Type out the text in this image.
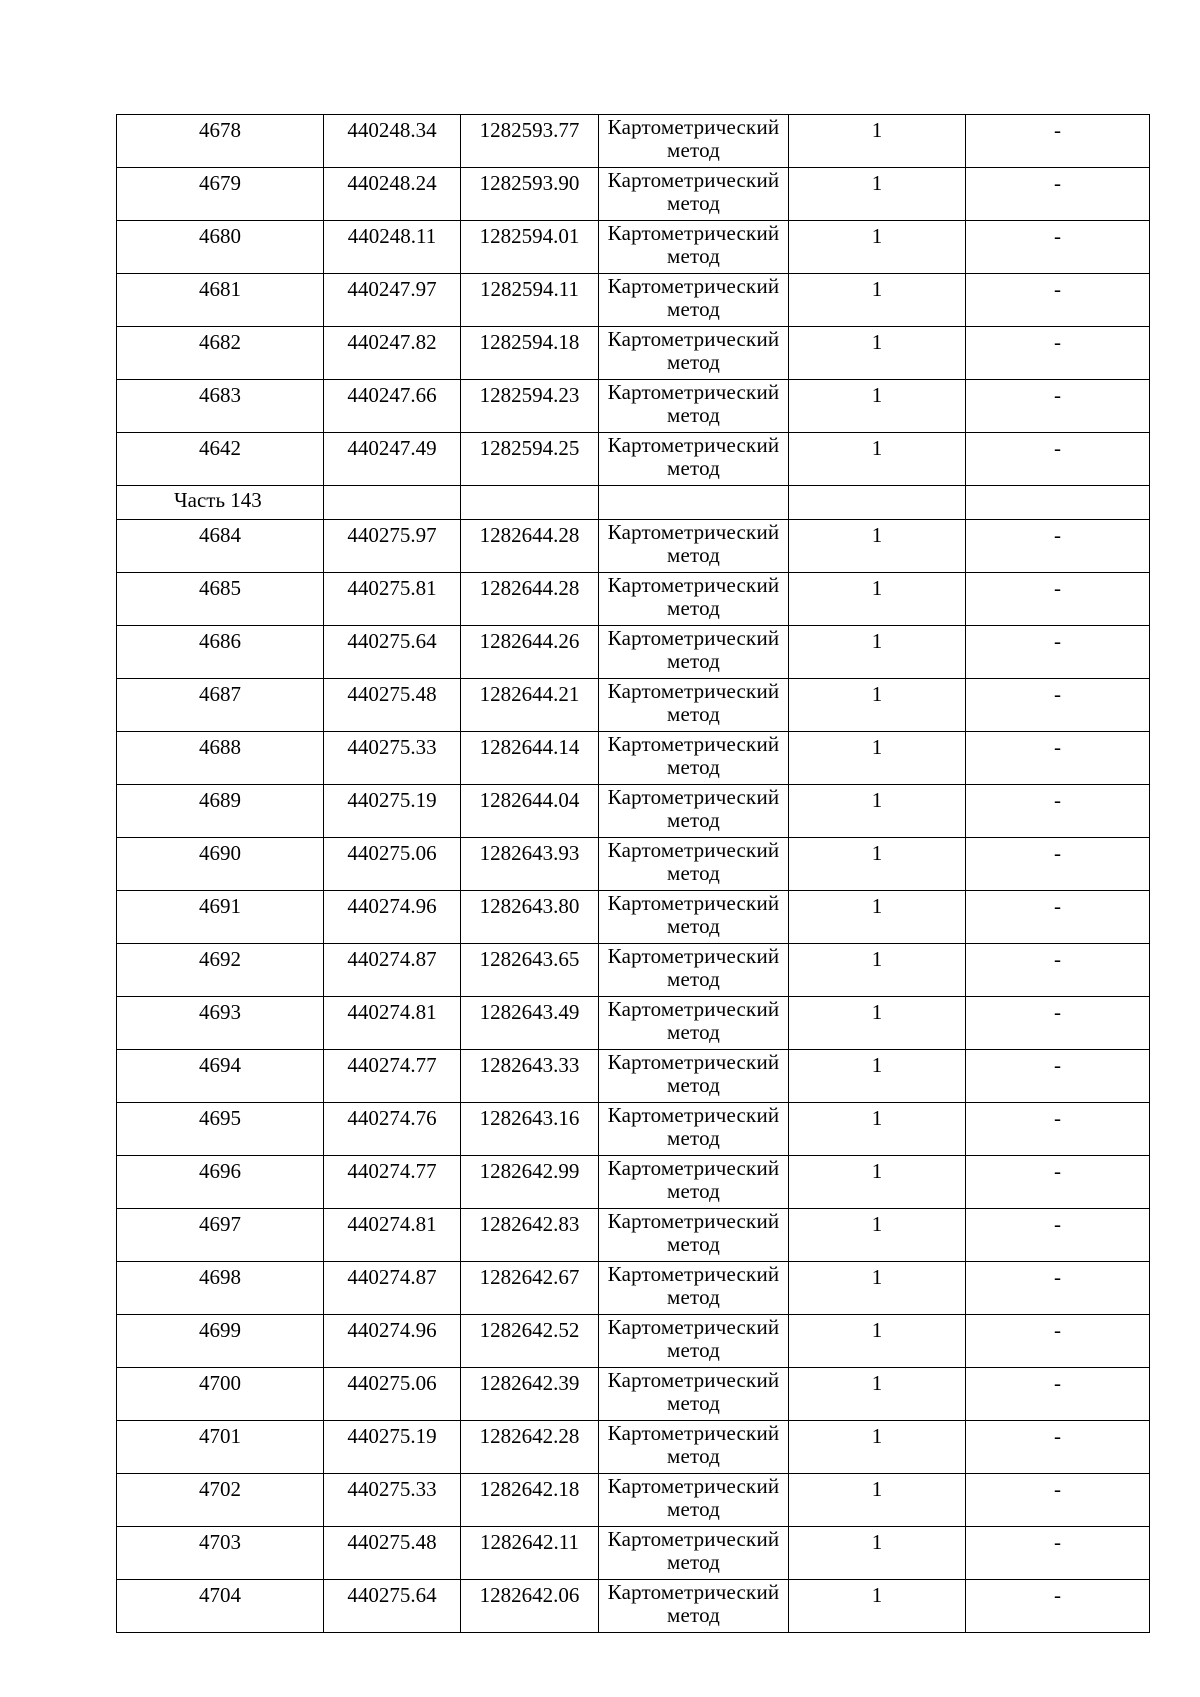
4678	440248.34	1282593.77	Картометрический
метод	1	-
4679	440248.24	1282593.90	Картометрический
метод	1	-
4680	440248.11	1282594.01	Картометрический
метод	1	-
4681	440247.97	1282594.11	Картометрический
метод	1	-
4682	440247.82	1282594.18	Картометрический
метод	1	-
4683	440247.66	1282594.23	Картометрический
метод	1	-
4642	440247.49	1282594.25	Картометрический
метод	1	-
Часть 143					
4684	440275.97	1282644.28	Картометрический
метод	1	-
4685	440275.81	1282644.28	Картометрический
метод	1	-
4686	440275.64	1282644.26	Картометрический
метод	1	-
4687	440275.48	1282644.21	Картометрический
метод	1	-
4688	440275.33	1282644.14	Картометрический
метод	1	-
4689	440275.19	1282644.04	Картометрический
метод	1	-
4690	440275.06	1282643.93	Картометрический
метод	1	-
4691	440274.96	1282643.80	Картометрический
метод	1	-
4692	440274.87	1282643.65	Картометрический
метод	1	-
4693	440274.81	1282643.49	Картометрический
метод	1	-
4694	440274.77	1282643.33	Картометрический
метод	1	-
4695	440274.76	1282643.16	Картометрический
метод	1	-
4696	440274.77	1282642.99	Картометрический
метод	1	-
4697	440274.81	1282642.83	Картометрический
метод	1	-
4698	440274.87	1282642.67	Картометрический
метод	1	-
4699	440274.96	1282642.52	Картометрический
метод	1	-
4700	440275.06	1282642.39	Картометрический
метод	1	-
4701	440275.19	1282642.28	Картометрический
метод	1	-
4702	440275.33	1282642.18	Картометрический
метод	1	-
4703	440275.48	1282642.11	Картометрический
метод	1	-
4704	440275.64	1282642.06	Картометрический
метод	1	-
